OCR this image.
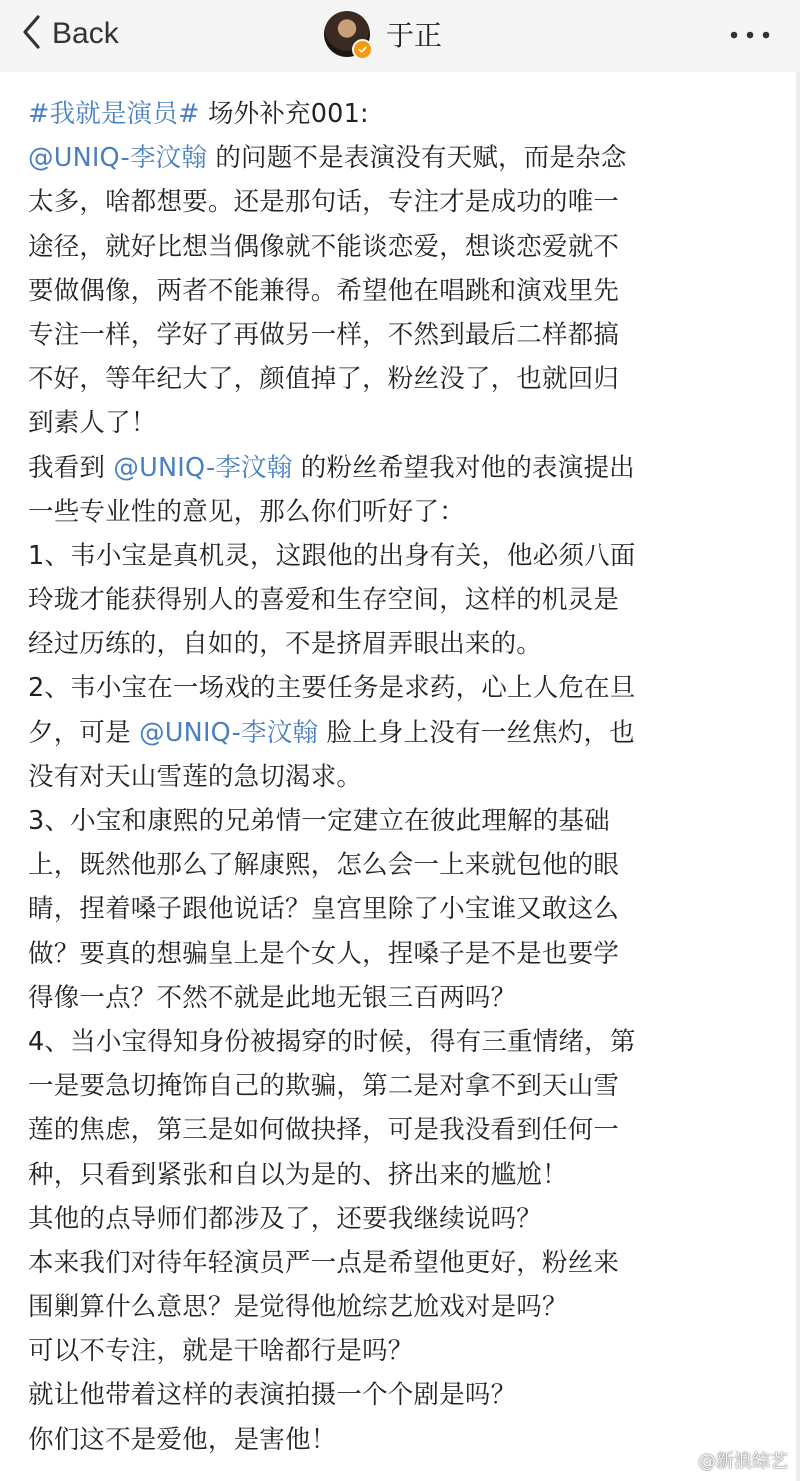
Back	于正
#我就是演员# 场外补充001:
@UNIQ-李汶翰 的问题不是表演没有天赋，而是杂念
太多，啥都想要。还是那句话，专注才是成功的唯一
途径，就好比想当偶像就不能谈恋爱，想谈恋爱就不
要做偶像，两者不能兼得。希望他在唱跳和演戏里先
专注一样，学好了再做另一样，不然到最后二样都搞
不好，等年纪大了，颜值掉了，粉丝没了，也就回归
到素人了！
我看到 @UNIQ-李汶翰 的粉丝希望我对他的表演提出
一些专业性的意见，那么你们听好了：
1、韦小宝是真机灵，这跟他的出身有关，他必须八面
玲珑才能获得别人的喜爱和生存空间，这样的机灵是
经过历练的，自如的，不是挤眉弄眼出来的。
2、韦小宝在一场戏的主要任务是求药，心上人危在旦
夕，可是 @UNIQ-李汶翰 脸上身上没有一丝焦灼，也
没有对天山雪莲的急切渴求。
3、小宝和康熙的兄弟情一定建立在彼此理解的基础
上，既然他那么了解康熙，怎么会一上来就包他的眼
睛，捏着嗓子跟他说话？皇宫里除了小宝谁又敢这么
做？要真的想骗皇上是个女人，捏嗓子是不是也要学
得像一点？不然不就是此地无银三百两吗？
4、当小宝得知身份被揭穿的时候，得有三重情绪，第
一是要急切掩饰自己的欺骗，第二是对拿不到天山雪
莲的焦虑，第三是如何做抉择，可是我没看到任何一
种，只看到紧张和自以为是的、挤出来的尴尬！
其他的点导师们都涉及了，还要我继续说吗？
本来我们对待年轻演员严一点是希望他更好，粉丝来
围剿算什么意思？是觉得他尬综艺尬戏对是吗？
可以不专注，就是干啥都行是吗？
就让他带着这样的表演拍摄一个个剧是吗？
你们这不是爱他，是害他！
@新浪综艺
